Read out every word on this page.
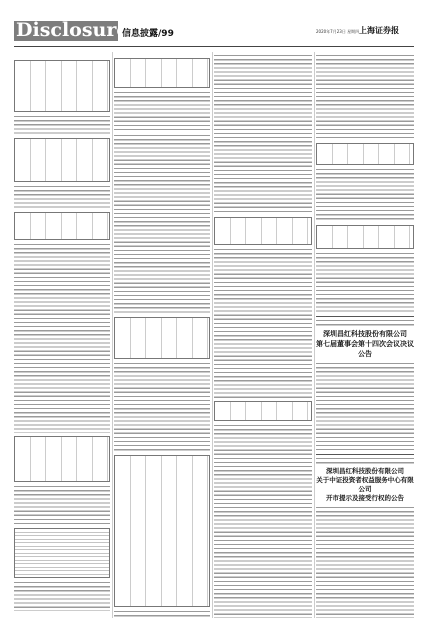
Disclosure
信息披露/99	2020年7月23日 星期四 上海证券报
深圳昌红科技股份有限公司
第七届董事会第十四次会议决议公告
深圳昌红科技股份有限公司
关于中证投资者权益服务中心有限公司
开市提示及接受行权的公告
